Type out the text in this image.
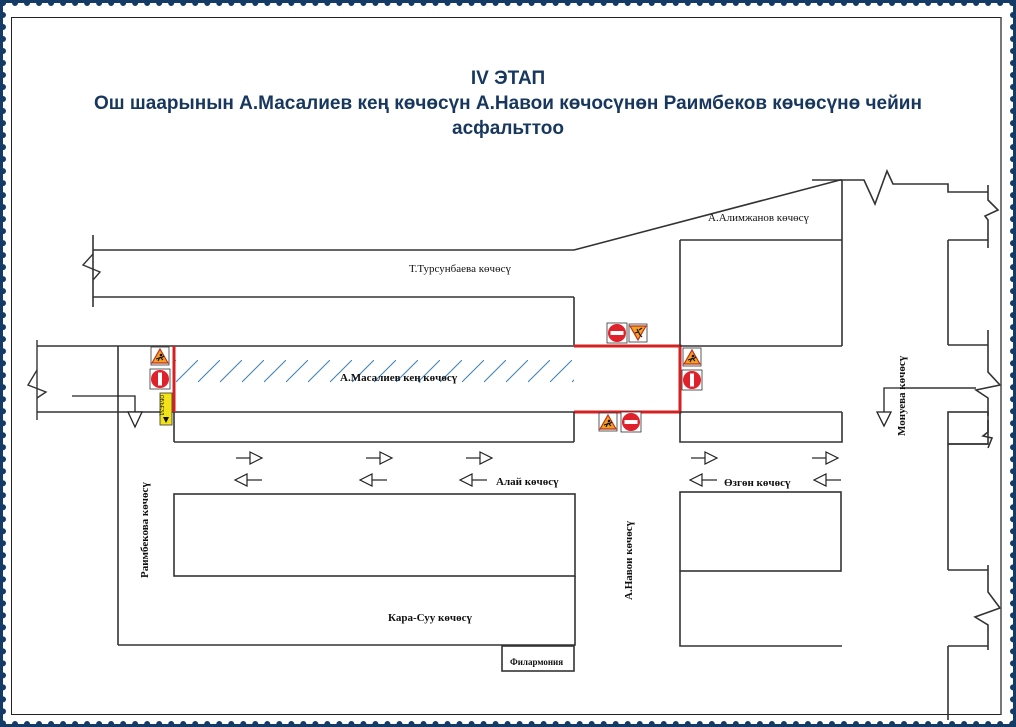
IV ЭТАП
Ош шаарынын А.Масалиев кең көчөсүн А.Навои көчосүнөн Раимбеков көчөсүнө чейин
асфальттоо
ОБЪЕЗД
Т.Турсунбаева көчөсү
А.Алимжанов көчөсү
А.Масалиев кең көчөсү
Алай көчөсү	Өзгөн көчөсү
Кара-Суу көчөсү
Филармония
Раимбекова көчөсү	А.Навои көчөсү
Монуева көчөсү
